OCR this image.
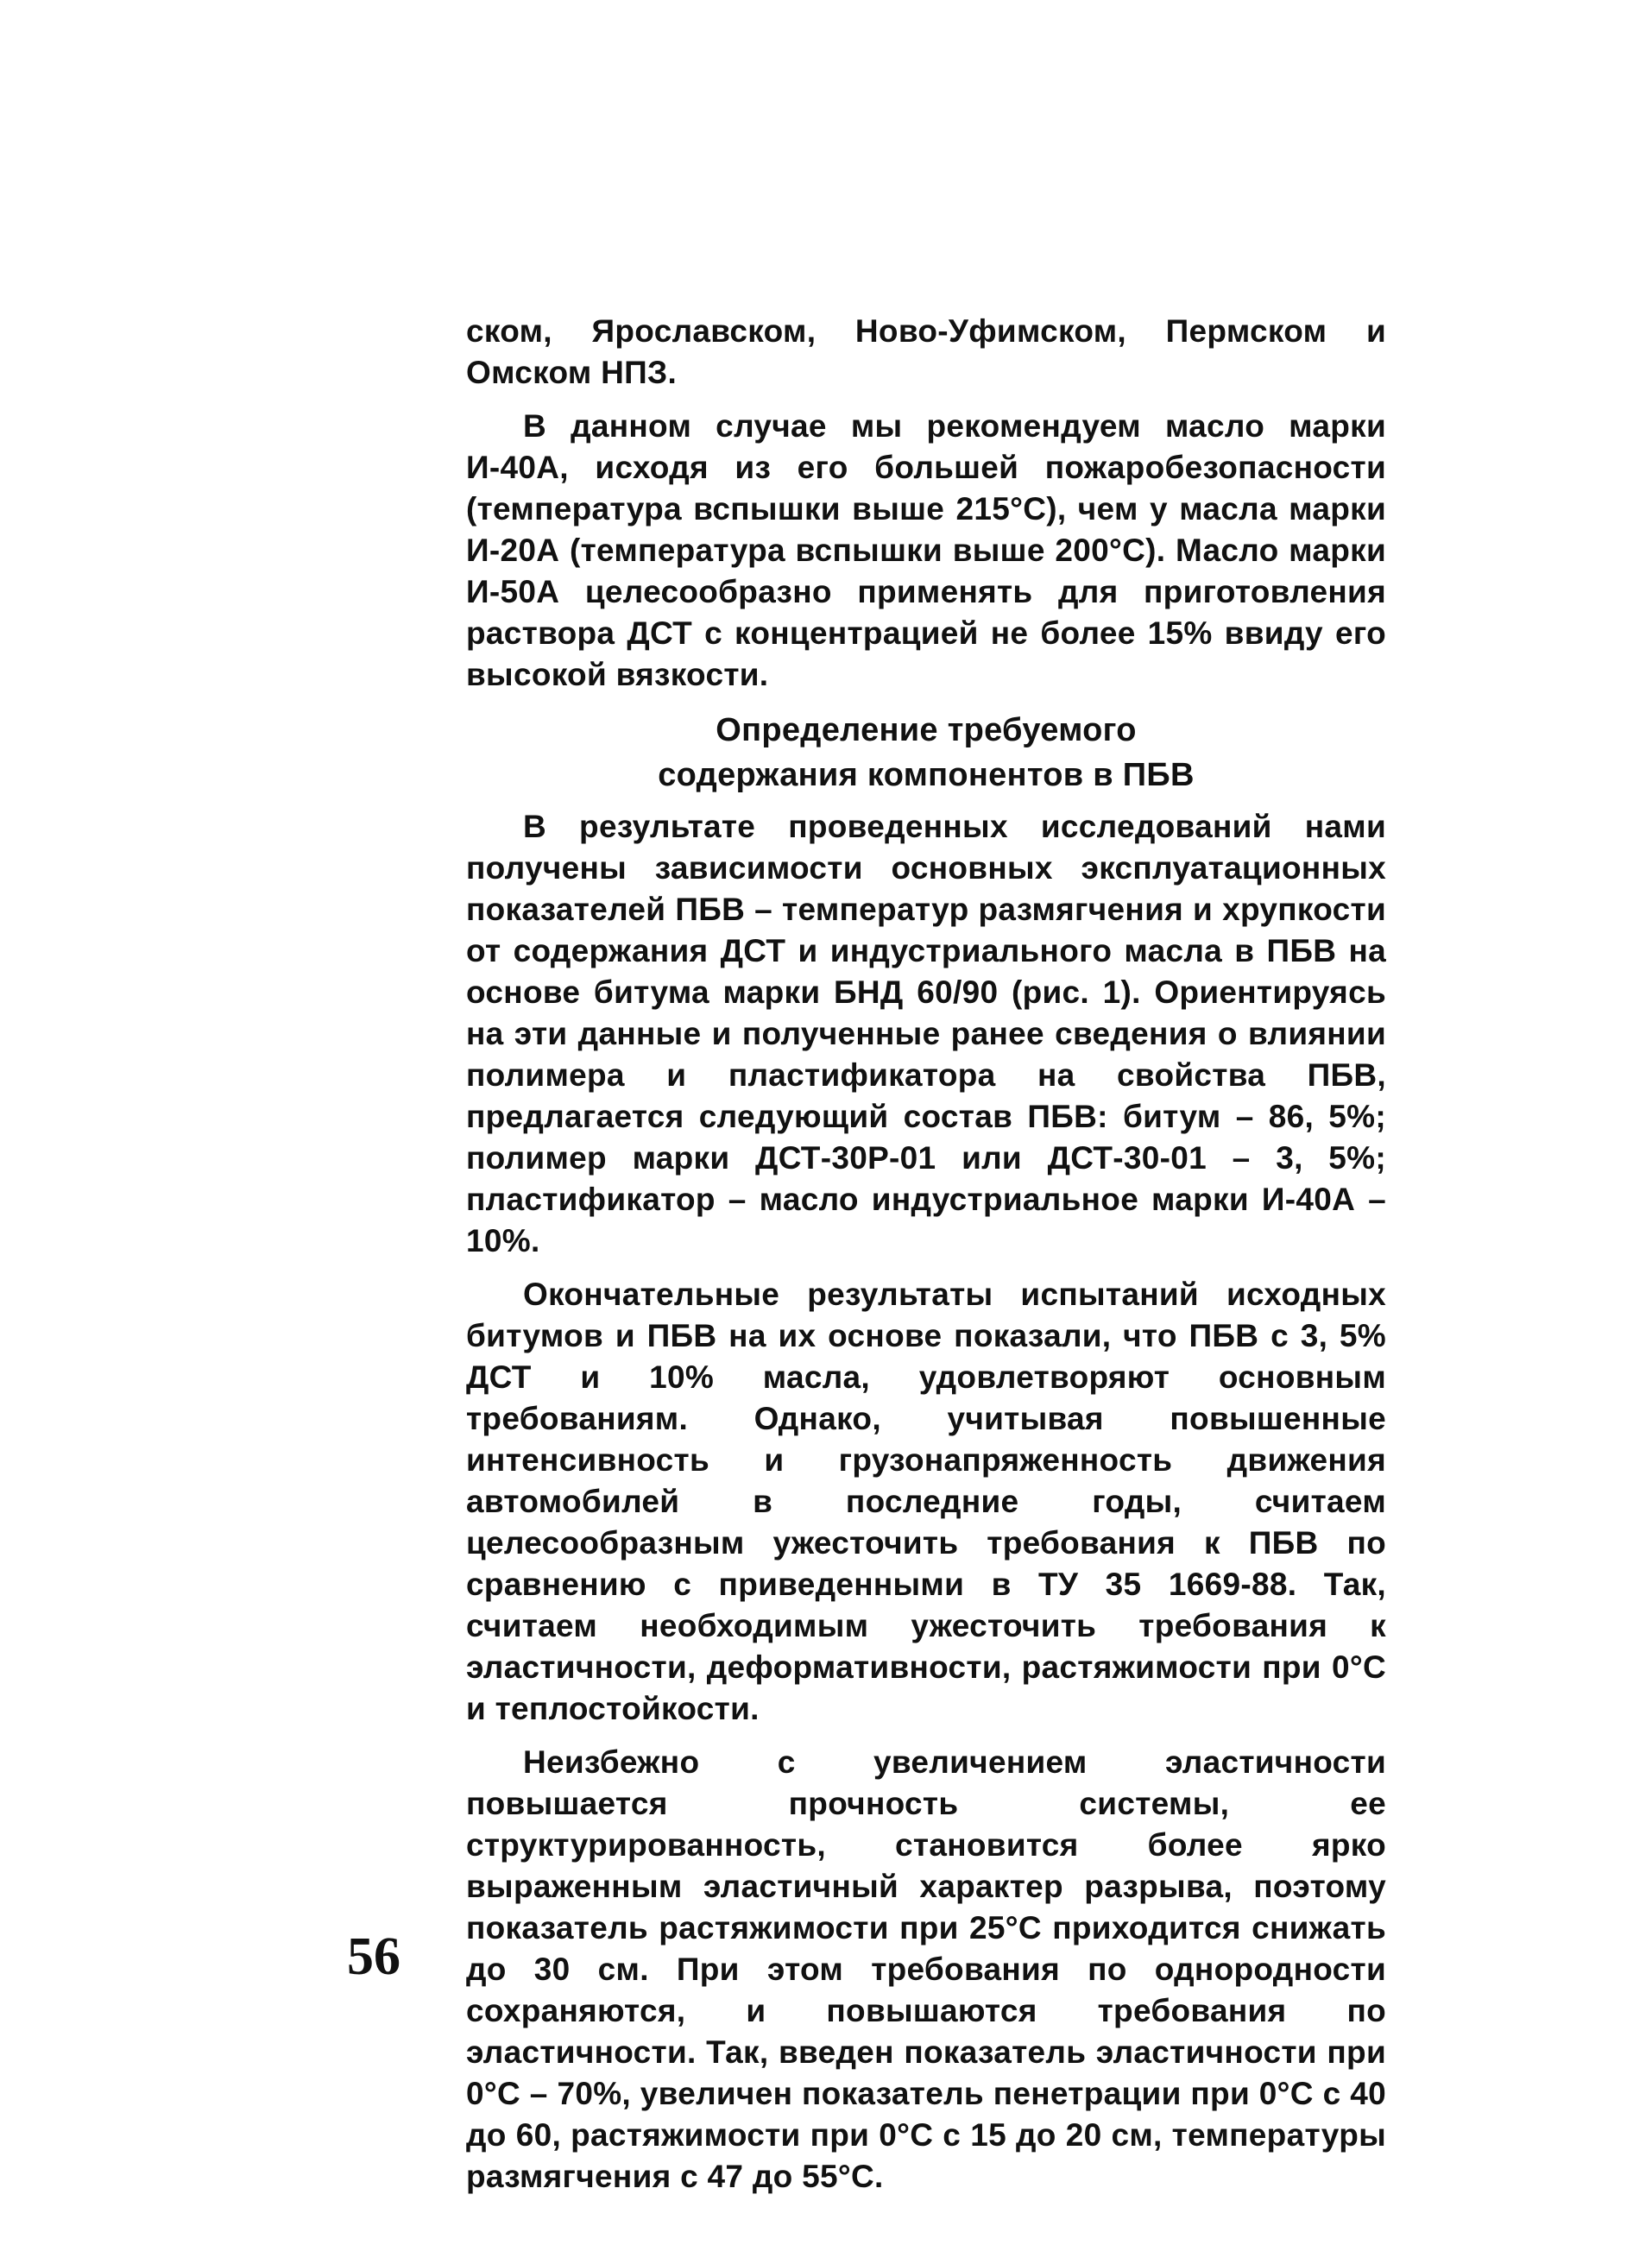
ском, Ярославском, Ново-Уфимском, Пермском и Омском НПЗ.

В данном случае мы рекомендуем масло марки И-40А, исходя из его большей пожаробезопасности (температура вспышки выше 215°С), чем у масла марки И-20А (температура вспышки выше 200°С). Масло марки И-50А целесообразно применять для приготовления раствора ДСТ с концентрацией не более 15% ввиду его высокой вязкости.

Определение требуемого
содержания компонентов в ПБВ

В результате проведенных исследований нами получены зависимости основных эксплуатационных показателей ПБВ – температур размягчения и хрупкости от содержания ДСТ и индустриального масла в ПБВ на основе битума марки БНД 60/90 (рис. 1). Ориентируясь на эти данные и полученные ранее сведения о влиянии полимера и пластификатора на свойства ПБВ, предлагается следующий состав ПБВ: битум – 86, 5%; полимер марки ДСТ-30Р-01 или ДСТ-30-01 – 3, 5%; пластификатор – масло индустриальное марки И-40А – 10%.

Окончательные результаты испытаний исходных битумов и ПБВ на их основе показали, что ПБВ с 3, 5% ДСТ и 10% масла, удовлетворяют основным требованиям. Однако, учитывая повышенные интенсивность и грузонапряженность движения автомобилей в последние годы, считаем целесообразным ужесточить требования к ПБВ по сравнению с приведенными в ТУ 35 1669-88. Так, считаем необходимым ужесточить требования к эластичности, деформативности, растяжимости при 0°С и теплостойкости.

Неизбежно с увеличением эластичности повышается прочность системы, ее структурированность, становится более ярко выраженным эластичный характер разрыва, поэтому показатель растяжимости при 25°С приходится снижать до 30 см. При этом требования по однородности сохраняются, и повышаются требования по эластичности. Так, введен показатель эластичности при 0°С – 70%, увеличен показатель пенетрации при 0°С с 40 до 60, растяжимости при 0°С с 15 до 20 см, температуры размягчения с 47 до 55°С.

56
